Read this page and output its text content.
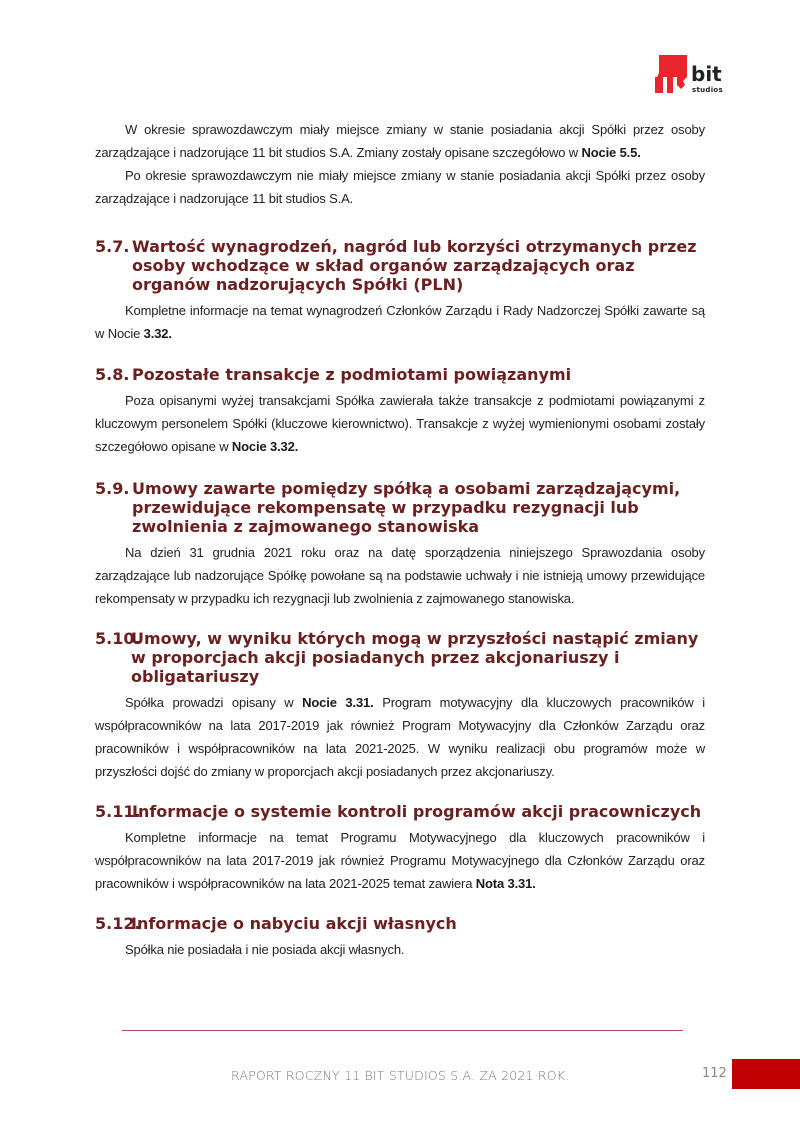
bit
studios

W okresie sprawozdawczym miały miejsce zmiany w stanie posiadania akcji Spółki przez osoby zarządzające i nadzorujące 11 bit studios S.A. Zmiany zostały opisane szczegółowo w Nocie 5.5.

Po okresie sprawozdawczym nie miały miejsce zmiany w stanie posiadania akcji Spółki przez osoby zarządzające i nadzorujące 11 bit studios S.A.

5.7. Wartość wynagrodzeń, nagród lub korzyści otrzymanych przez osoby wchodzące w skład organów zarządzających oraz organów nadzorujących Spółki (PLN)

Kompletne informacje na temat wynagrodzeń Członków Zarządu i Rady Nadzorczej Spółki zawarte są w Nocie 3.32.

5.8. Pozostałe transakcje z podmiotami powiązanymi

Poza opisanymi wyżej transakcjami Spółka zawierała także transakcje z podmiotami powiązanymi z kluczowym personelem Spółki (kluczowe kierownictwo). Transakcje z wyżej wymienionymi osobami zostały szczegółowo opisane w Nocie 3.32.

5.9. Umowy zawarte pomiędzy spółką a osobami zarządzającymi, przewidujące rekompensatę w przypadku rezygnacji lub zwolnienia z zajmowanego stanowiska

Na dzień 31 grudnia 2021 roku oraz na datę sporządzenia niniejszego Sprawozdania osoby zarządzające lub nadzorujące Spółkę powołane są na podstawie uchwały i nie istnieją umowy przewidujące rekompensaty w przypadku ich rezygnacji lub zwolnienia z zajmowanego stanowiska.

5.10.
Umowy, w wyniku których mogą w przyszłości nastąpić zmiany w proporcjach akcji posiadanych przez akcjonariuszy i obligatariuszy

Spółka prowadzi opisany w Nocie 3.31. Program motywacyjny dla kluczowych pracowników i współpracowników na lata 2017-2019 jak również Program Motywacyjny dla Członków Zarządu oraz pracowników i współpracowników na lata 2021-2025. W wyniku realizacji obu programów może w przyszłości dojść do zmiany w proporcjach akcji posiadanych przez akcjonariuszy.

5.11.
Informacje o systemie kontroli programów akcji pracowniczych

Kompletne informacje na temat Programu Motywacyjnego dla kluczowych pracowników i współpracowników na lata 2017-2019 jak również Programu Motywacyjnego dla Członków Zarządu oraz pracowników i współpracowników na lata 2021-2025 temat zawiera Nota 3.31.

5.12.
Informacje o nabyciu akcji własnych

Spółka nie posiadała i nie posiada akcji własnych.

RAPORT ROCZNY 11 BIT STUDIOS S.A. ZA 2021 ROK.	112
